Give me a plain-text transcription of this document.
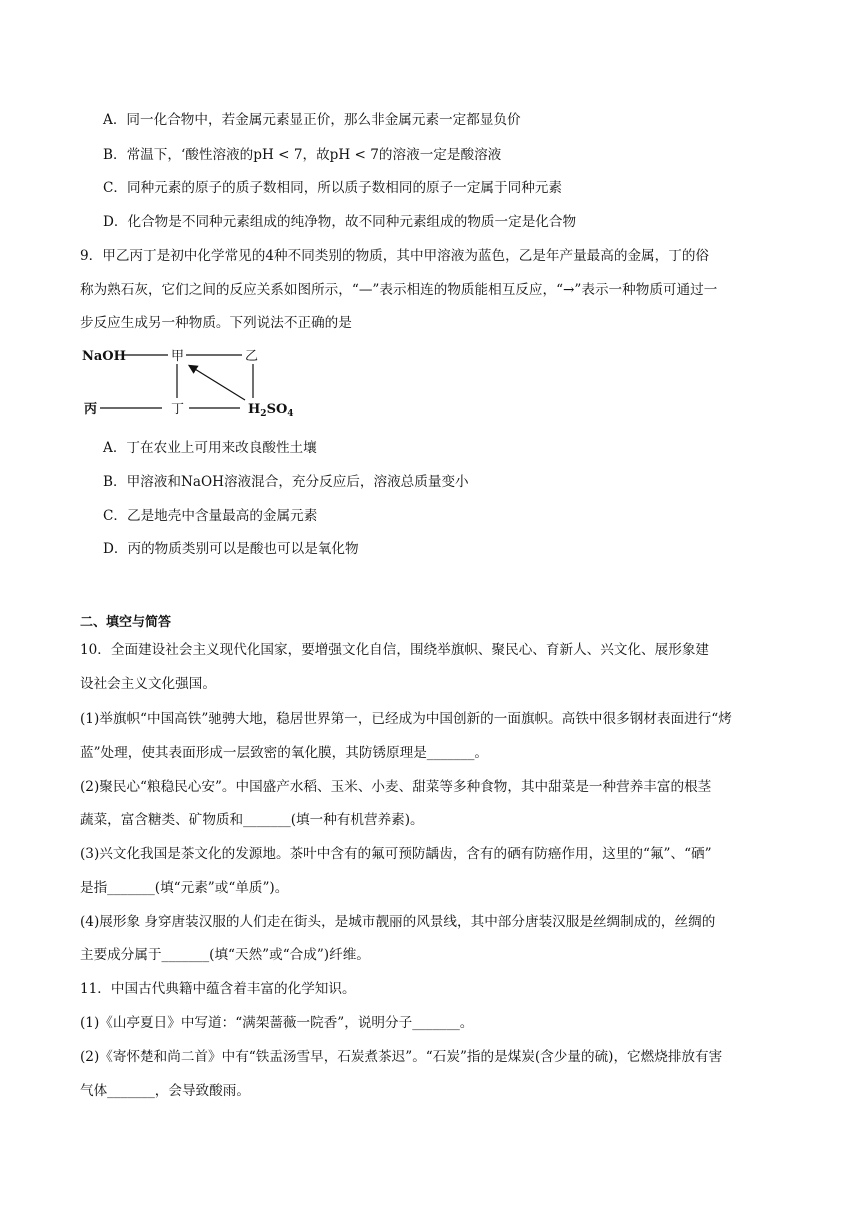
A．同一化合物中，若金属元素显正价，那么非金属元素一定都显负价
B．常温下，‘酸性溶液的pH < 7，故pH < 7的溶液一定是酸溶液
C．同种元素的原子的质子数相同，所以质子数相同的原子一定属于同种元素
D．化合物是不同种元素组成的纯净物，故不同种元素组成的物质一定是化合物
9．甲乙丙丁是初中化学常见的4种不同类别的物质，其中甲溶液为蓝色，乙是年产量最高的金属，丁的俗
称为熟石灰，它们之间的反应关系如图所示，“—”表示相连的物质能相互反应，“→”表示一种物质可通过一
步反应生成另一种物质。下列说法不正确的是
NaOH	甲	乙
丙	丁	$H_2SO_4$
A．丁在农业上可用来改良酸性土壤
B．甲溶液和NaOH溶液混合，充分反应后，溶液总质量变小
C．乙是地壳中含量最高的金属元素
D．丙的物质类别可以是酸也可以是氧化物
二、填空与简答
10．全面建设社会主义现代化国家，要增强文化自信，围绕举旗帜、聚民心、育新人、兴文化、展形象建
设社会主义文化强国。
(1)举旗帜“中国高铁”驰骋大地，稳居世界第一，已经成为中国创新的一面旗帜。高铁中很多钢材表面进行“烤
蓝”处理，使其表面形成一层致密的氧化膜，其防锈原理是_______。
(2)聚民心“粮稳民心安”。中国盛产水稻、玉米、小麦、甜菜等多种食物，其中甜菜是一种营养丰富的根茎
蔬菜，富含糖类、矿物质和_______(填一种有机营养素)。
(3)兴文化我国是茶文化的发源地。茶叶中含有的氟可预防龋齿，含有的硒有防癌作用，这里的“氟”、“硒”
是指_______(填“元素”或“单质”)。
(4)展形象 身穿唐装汉服的人们走在街头，是城市靓丽的风景线，其中部分唐装汉服是丝绸制成的，丝绸的
主要成分属于_______(填“天然”或“合成”)纤维。
11．中国古代典籍中蕴含着丰富的化学知识。
(1)《山亭夏日》中写道：“满架蔷薇一院香”，说明分子_______。
(2)《寄怀楚和尚二首》中有“铁盂汤雪早，石炭煮茶迟”。“石炭”指的是煤炭(含少量的硫)，它燃烧排放有害
气体_______，会导致酸雨。
